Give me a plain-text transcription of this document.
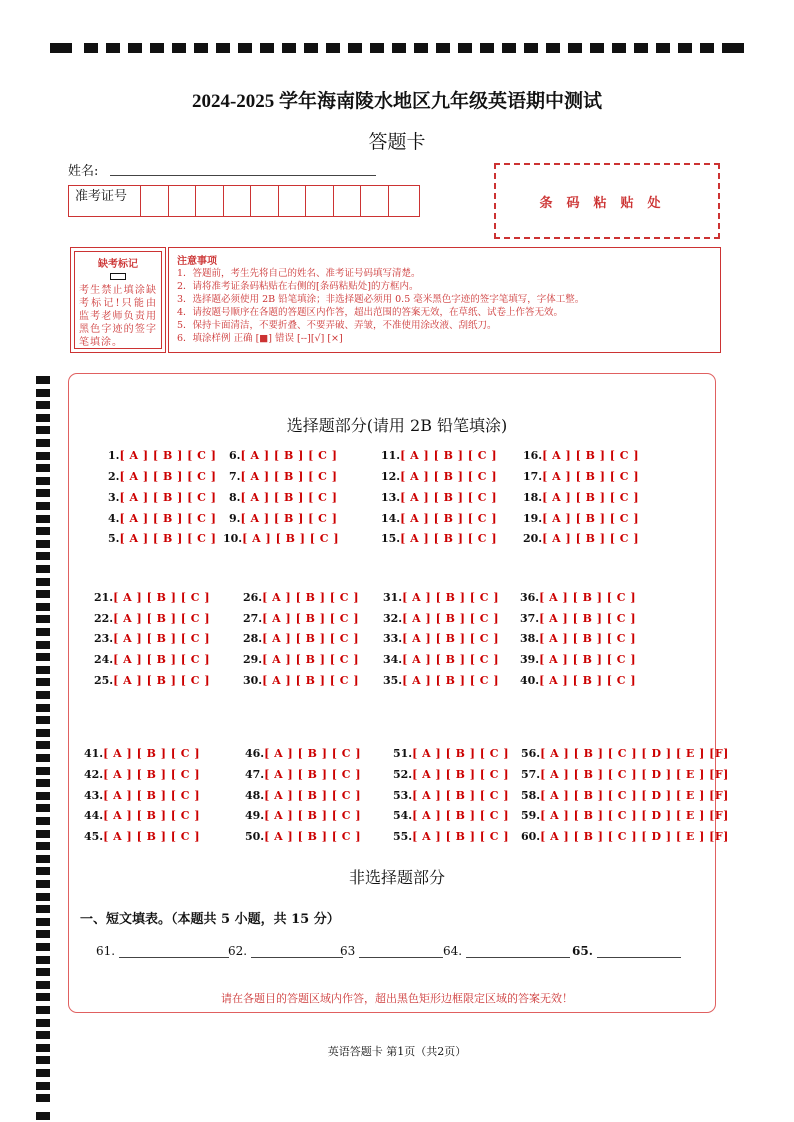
2024-2025 学年海南陵水地区九年级英语期中测试
答题卡
姓名:
准考证号	条码粘贴处
缺考标记
考生禁止填涂缺考标记!只能由监考老师负责用黑色字迹的签字笔填涂。
注意事项
1．答题前，考生先将自己的姓名、准考证号码填写清楚。
2．请将准考证条码粘贴在右侧的[条码粘贴处]的方框内。
3．选择题必须使用 2B 铅笔填涂；非选择题必须用 0.5 毫米黑色字迹的签字笔填写，字体工整。
4．请按题号顺序在各题的答题区内作答，超出范围的答案无效，在草纸、试卷上作答无效。
5．保持卡面清洁，不要折叠、不要弄破、弄皱，不准使用涂改液、刮纸刀。
6．填涂样例 正确 [■] 错误 [--][√] [×]
选择题部分(请用 2B 铅笔填涂)
1.[ A ] [ B ] [ C ]
2.[ A ] [ B ] [ C ]
3.[ A ] [ B ] [ C ]
4.[ A ] [ B ] [ C ]
5.[ A ] [ B ] [ C ]
6.[ A ] [ B ] [ C ]
7.[ A ] [ B ] [ C ]
8.[ A ] [ B ] [ C ]
9.[ A ] [ B ] [ C ]
10.[ A ] [ B ] [ C ]
11.[ A ] [ B ] [ C ]
12.[ A ] [ B ] [ C ]
13.[ A ] [ B ] [ C ]
14.[ A ] [ B ] [ C ]
15.[ A ] [ B ] [ C ]
16.[ A ] [ B ] [ C ]
17.[ A ] [ B ] [ C ]
18.[ A ] [ B ] [ C ]
19.[ A ] [ B ] [ C ]
20.[ A ] [ B ] [ C ]
21.[ A ] [ B ] [ C ]
22.[ A ] [ B ] [ C ]
23.[ A ] [ B ] [ C ]
24.[ A ] [ B ] [ C ]
25.[ A ] [ B ] [ C ]
26.[ A ] [ B ] [ C ]
27.[ A ] [ B ] [ C ]
28.[ A ] [ B ] [ C ]
29.[ A ] [ B ] [ C ]
30.[ A ] [ B ] [ C ]
31.[ A ] [ B ] [ C ]
32.[ A ] [ B ] [ C ]
33.[ A ] [ B ] [ C ]
34.[ A ] [ B ] [ C ]
35.[ A ] [ B ] [ C ]
36.[ A ] [ B ] [ C ]
37.[ A ] [ B ] [ C ]
38.[ A ] [ B ] [ C ]
39.[ A ] [ B ] [ C ]
40.[ A ] [ B ] [ C ]
41.[ A ] [ B ] [ C ]
42.[ A ] [ B ] [ C ]
43.[ A ] [ B ] [ C ]
44.[ A ] [ B ] [ C ]
45.[ A ] [ B ] [ C ]
46.[ A ] [ B ] [ C ]
47.[ A ] [ B ] [ C ]
48.[ A ] [ B ] [ C ]
49.[ A ] [ B ] [ C ]
50.[ A ] [ B ] [ C ]
51.[ A ] [ B ] [ C ]
52.[ A ] [ B ] [ C ]
53.[ A ] [ B ] [ C ]
54.[ A ] [ B ] [ C ]
55.[ A ] [ B ] [ C ]
56.[ A ] [ B ] [ C ] [ D ] [ E ] [F]
57.[ A ] [ B ] [ C ] [ D ] [ E ] [F]
58.[ A ] [ B ] [ C ] [ D ] [ E ] [F]
59.[ A ] [ B ] [ C ] [ D ] [ E ] [F]
60.[ A ] [ B ] [ C ] [ D ] [ E ] [F]
非选择题部分
一、短文填表。（本题共 5 小题，共 15 分）
61.	62.	63	64.	65.
请在各题目的答题区域内作答，超出黑色矩形边框限定区域的答案无效！
英语答题卡 第1页（共2页）
